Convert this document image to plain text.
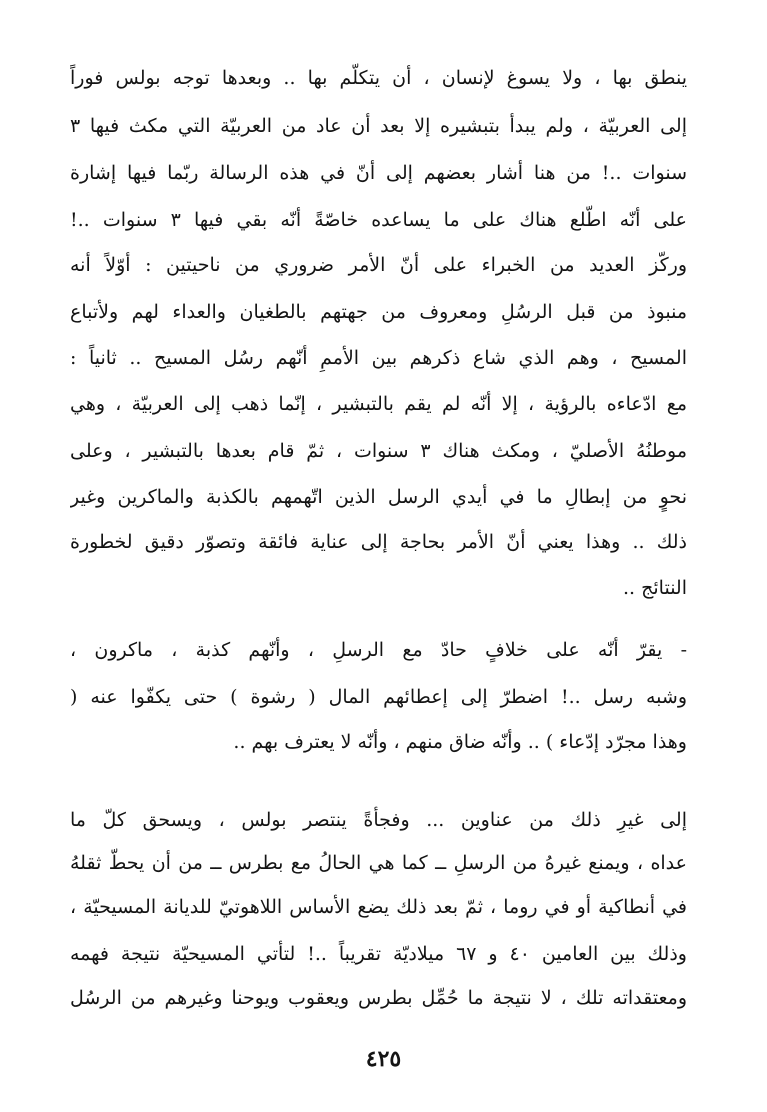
ينطق بها ، ولا يسوغ لإنسان ، أن يتكلّم بها .. وبعدها توجه بولس فوراً
إلى العربيّة ، ولم يبدأ بتبشيره إلا بعد أن عاد من العربيّة التي مكث فيها ٣
سنوات ..! من هنا أشار بعضهم إلى أنّ في هذه الرسالة ربّما فيها إشارة
على أنّه اطّلع هناك على ما يساعده خاصّةً أنّه بقي فيها ٣ سنوات ..!
وركّز العديد من الخبراء على أنّ الأمر ضروري من ناحيتين : أوّلاً أنه
منبوذ من قبل الرسُلِ ومعروف من جهتهم بالطغيان والعداء لهم ولأتباع
المسيح ، وهم الذي شاع ذكرهم بين الأممِ أنّهم رسُل المسيح .. ثانياً :
مع ادّعاءه بالرؤية ، إلا أنّه لم يقم بالتبشير ، إنّما ذهب إلى العربيّة ، وهي
موطنُهُ الأصليّ ، ومكث هناك ٣ سنوات ، ثمّ قام بعدها بالتبشير ، وعلى
نحوٍ من إبطالِ ما في أيدي الرسل الذين اتّهمهم بالكذبة والماكرين وغير
ذلك .. وهذا يعني أنّ الأمر بحاجة إلى عناية فائقة وتصوّر دقيق لخطورة
النتائج ..
- يقرّ أنّه على خلافٍ حادّ مع الرسلِ ، وأنّهم كذبة ، ماكرون ،
وشبه رسل ..! اضطرّ إلى إعطائهم المال ( رشوة ) حتى يكفّوا عنه (
وهذا مجرّد إدّعاء ) .. وأنّه ضاق منهم ، وأنّه لا يعترف بهم ..
إلى غيرِ ذلك من عناوين ... وفجأةً ينتصر بولس ، ويسحق كلّ ما
عداه ، ويمنع غيرهُ من الرسلِ ــ كما هي الحالُ مع بطرس ــ من أن يحطّ ثقلهُ
في أنطاكية أو في روما ، ثمّ بعد ذلك يضع الأساس اللاهوتيّ للديانة المسيحيّة ،
وذلك بين العامين ٤٠ و ٦٧ ميلاديّة تقريباً ..! لتأتي المسيحيّة نتيجة فهمه
ومعتقداته تلك ، لا نتيجة ما حُمِّل بطرس ويعقوب ويوحنا وغيرهم من الرسُل
٤٢٥
